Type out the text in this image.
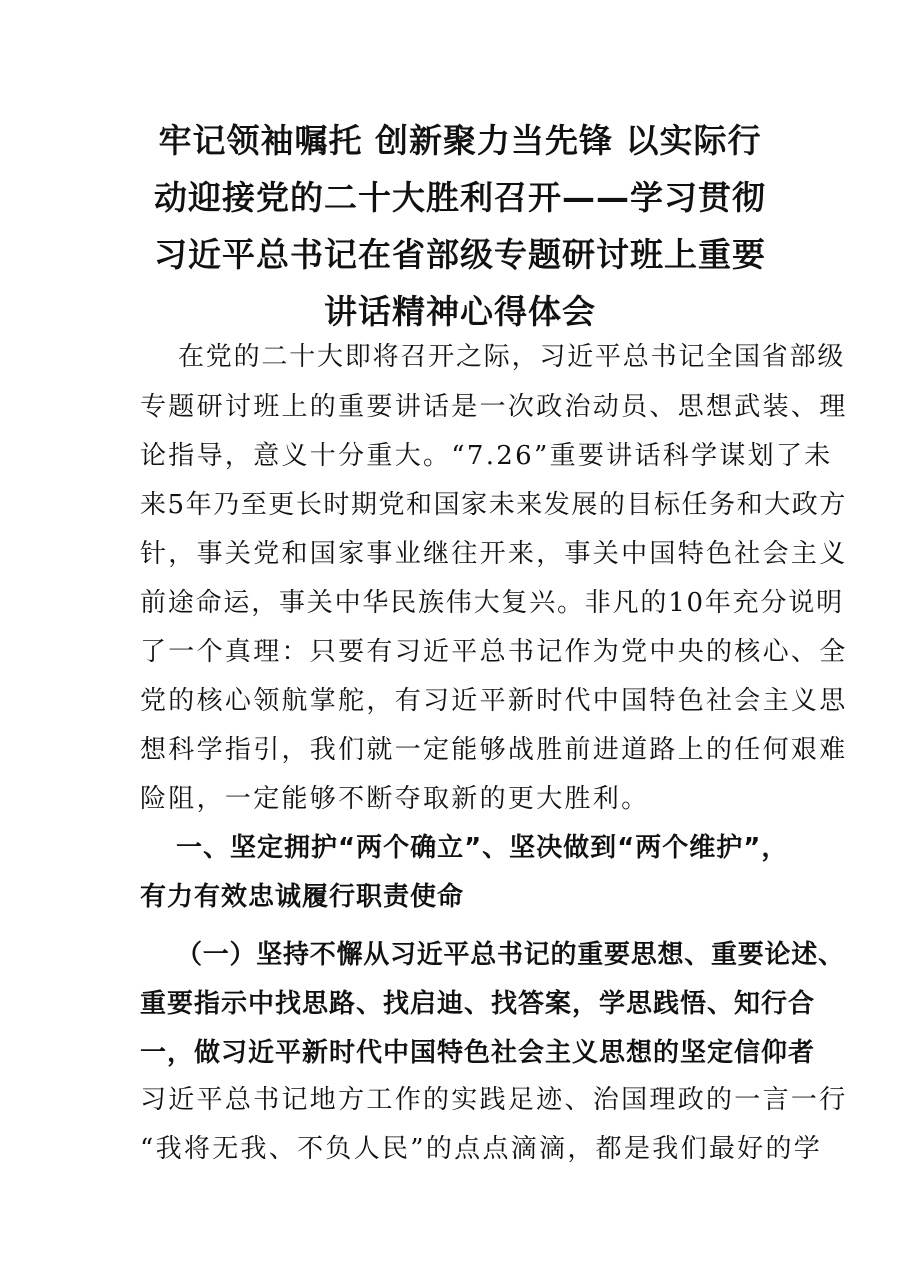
牢记领袖嘱托 创新聚力当先锋 以实际行
动迎接党的二十大胜利召开——学习贯彻
习近平总书记在省部级专题研讨班上重要
讲话精神心得体会
在党的二十大即将召开之际，习近平总书记全国省部级
专题研讨班上的重要讲话是一次政治动员、思想武装、理
论指导，意义十分重大。“7.26”重要讲话科学谋划了未
来5年乃至更长时期党和国家未来发展的目标任务和大政方
针，事关党和国家事业继往开来，事关中国特色社会主义
前途命运，事关中华民族伟大复兴。非凡的10年充分说明
了一个真理：只要有习近平总书记作为党中央的核心、全
党的核心领航掌舵，有习近平新时代中国特色社会主义思
想科学指引，我们就一定能够战胜前进道路上的任何艰难
险阻，一定能够不断夺取新的更大胜利。
一、坚定拥护“两个确立”、坚决做到“两个维护”，
有力有效忠诚履行职责使命
（一）坚持不懈从习近平总书记的重要思想、重要论述、
重要指示中找思路、找启迪、找答案，学思践悟、知行合
一，做习近平新时代中国特色社会主义思想的坚定信仰者
习近平总书记地方工作的实践足迹、治国理政的一言一行
“我将无我、不负人民”的点点滴滴，都是我们最好的学
